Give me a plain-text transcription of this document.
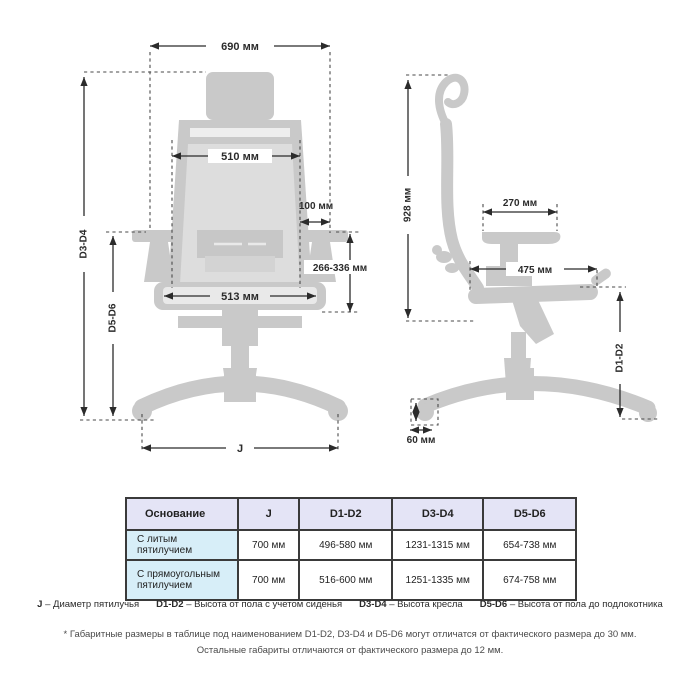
690 мм
D3-D4
D5-D6
510 мм
100 мм
266-336 мм
513 мм
J
928 мм	270 мм
475 мм
D1-D2
60 мм
Основание	J	D1-D2	D3-D4	D5-D6
С литым пятилучием	700 мм	496-580 мм	1231-1315 мм	654-738 мм
С прямоугольным пятилучием	700 мм	516-600 мм	1251-1335 мм	674-758 мм
J – Диаметр пятилучья D1-D2 – Высота от пола с учетом сиденья D3-D4 – Высота кресла D5-D6 – Высота от пола до подлокотника
* Габаритные размеры в таблице под наименованием D1-D2, D3-D4 и D5-D6 могут отличатся от фактического размера до 30 мм.
Остальные габариты отличаются от фактического размера до 12 мм.
